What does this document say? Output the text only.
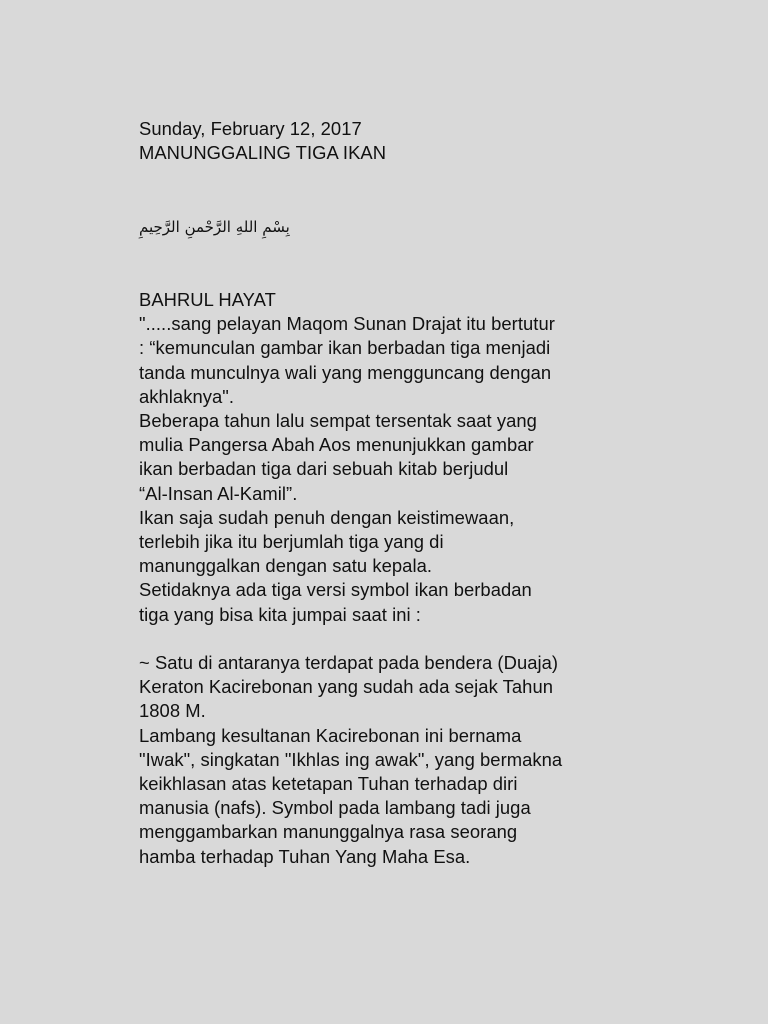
Sunday, February 12, 2017
MANUNGGALING TIGA IKAN
بِسْمِ اللهِ الرَّحْمنِ الرَّحِيمِ
BAHRUL HAYAT
".....sang pelayan Maqom Sunan Drajat itu bertutur
: “kemunculan gambar ikan berbadan tiga menjadi
tanda munculnya wali yang mengguncang dengan
akhlaknya".
Beberapa tahun lalu sempat tersentak saat yang
mulia Pangersa Abah Aos menunjukkan gambar
ikan berbadan tiga dari sebuah kitab berjudul
“Al-Insan Al-Kamil”.
Ikan saja sudah penuh dengan keistimewaan,
terlebih jika itu berjumlah tiga yang di
manunggalkan dengan satu kepala.
Setidaknya ada tiga versi symbol ikan berbadan
tiga yang bisa kita jumpai saat ini :
~ Satu di antaranya terdapat pada bendera (Duaja)
Keraton Kacirebonan yang sudah ada sejak Tahun
1808 M.
Lambang kesultanan Kacirebonan ini bernama
"Iwak", singkatan "Ikhlas ing awak", yang bermakna
keikhlasan atas ketetapan Tuhan terhadap diri
manusia (nafs). Symbol pada lambang tadi juga
menggambarkan manunggalnya rasa seorang
hamba terhadap Tuhan Yang Maha Esa.
